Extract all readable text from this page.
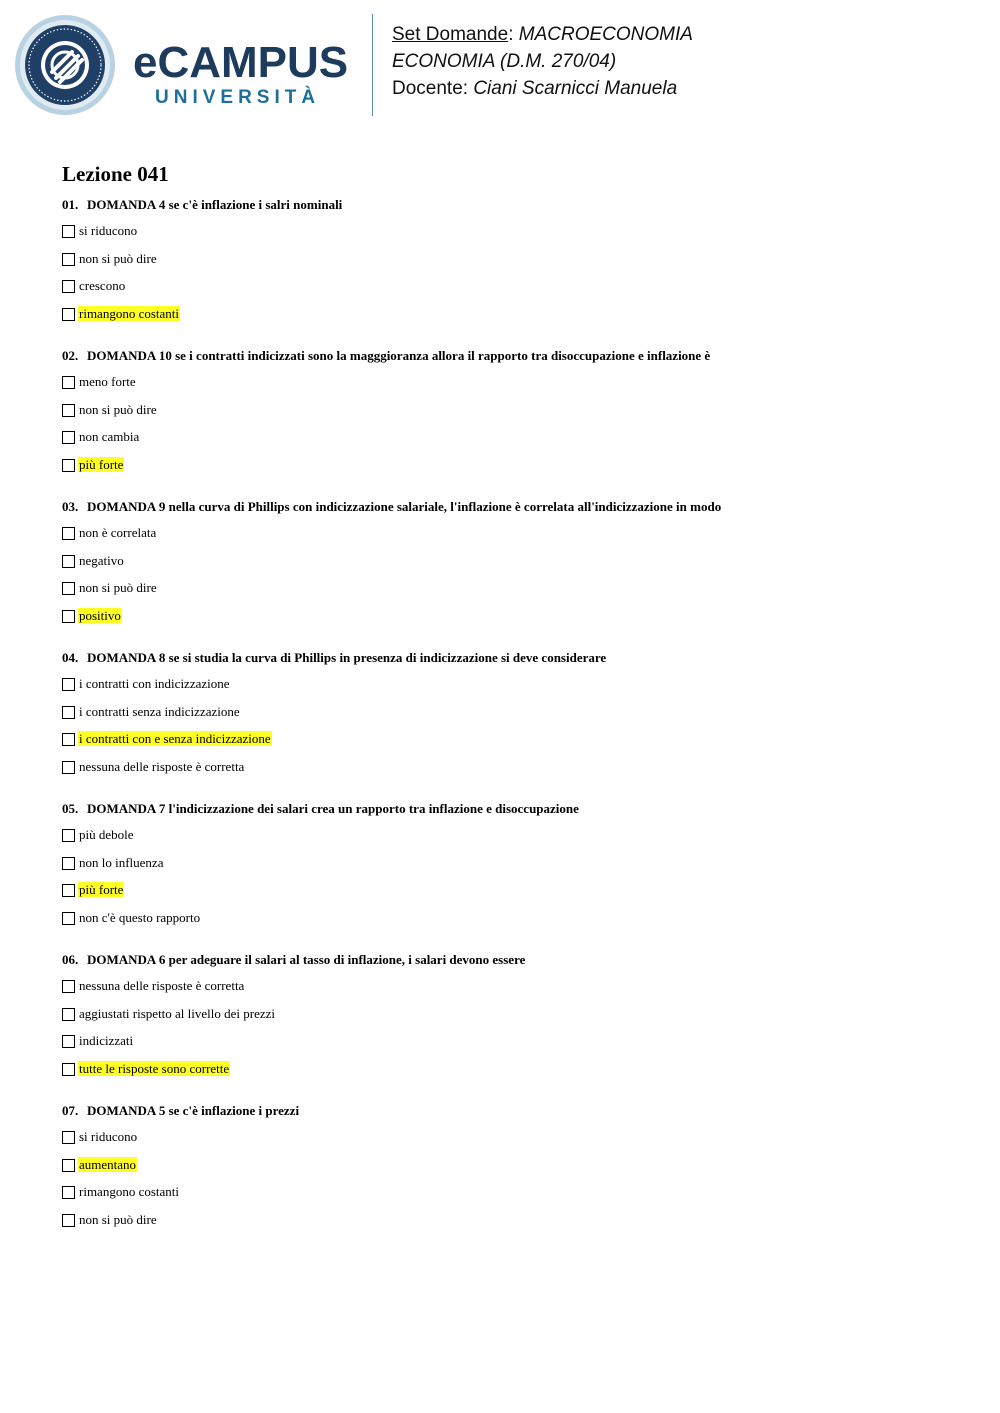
eCAMPUS
UNIVERSITÀ
Set Domande: MACROECONOMIA
ECONOMIA (D.M. 270/04)
Docente: Ciani Scarnicci Manuela
Lezione 041
01. DOMANDA 4 se c'è inflazione i salri nominali
si riducono
non si può dire
crescono
rimangono costanti
02. DOMANDA 10 se i contratti indicizzati sono la magggioranza allora il rapporto tra disoccupazione e inflazione è
meno forte
non si può dire
non cambia
più forte
03. DOMANDA 9 nella curva di Phillips con indicizzazione salariale, l'inflazione è correlata all'indicizzazione in modo
non è correlata
negativo
non si può dire
positivo
04. DOMANDA 8 se si studia la curva di Phillips in presenza di indicizzazione si deve considerare
i contratti con indicizzazione
i contratti senza indicizzazione
i contratti con e senza indicizzazione
nessuna delle risposte è corretta
05. DOMANDA 7 l'indicizzazione dei salari crea un rapporto tra inflazione e disoccupazione
più debole
non lo influenza
più forte
non c'è questo rapporto
06. DOMANDA 6 per adeguare il salari al tasso di inflazione, i salari devono essere
nessuna delle risposte è corretta
aggiustati rispetto al livello dei prezzi
indicizzati
tutte le risposte sono corrette
07. DOMANDA 5 se c'è inflazione i prezzi
si riducono
aumentano
rimangono costanti
non si può dire
